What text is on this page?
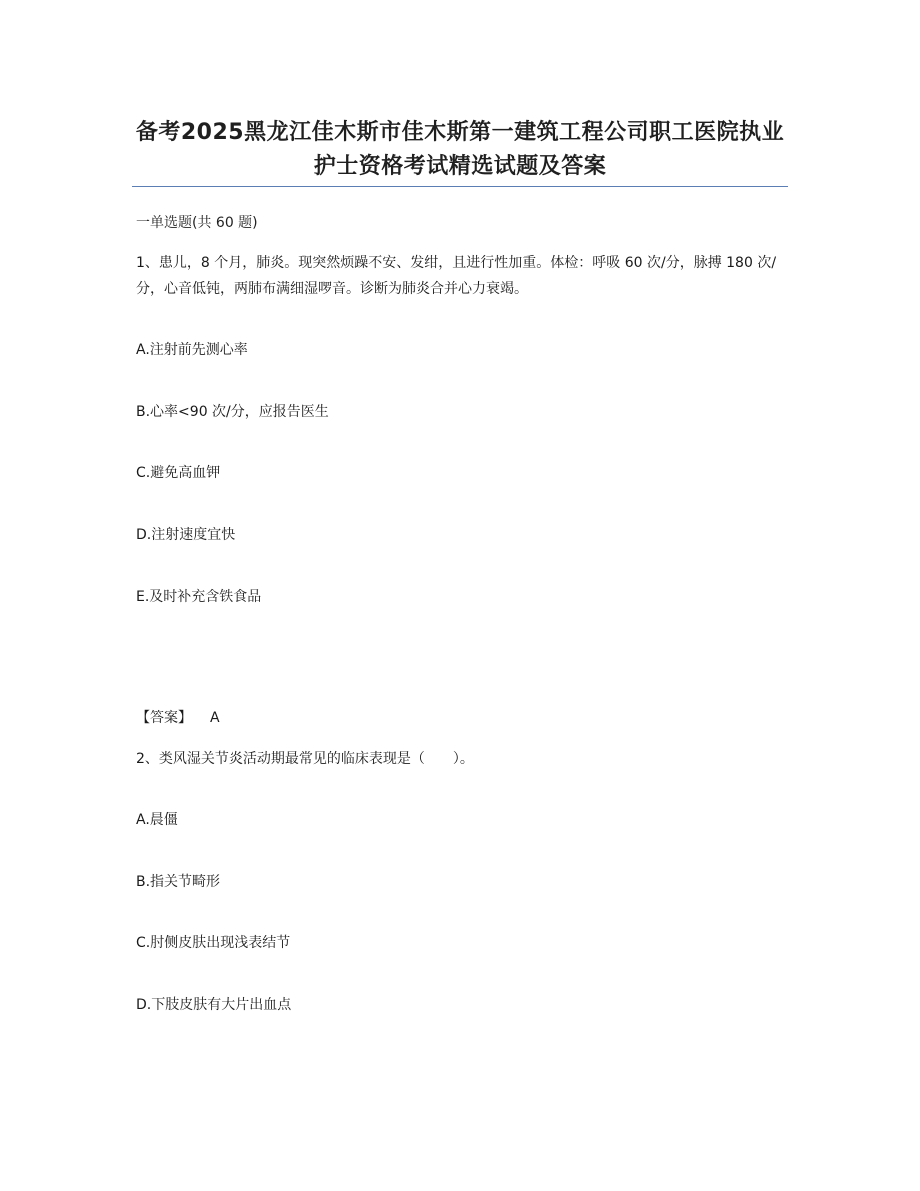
备考2025黑龙江佳木斯市佳木斯第一建筑工程公司职工医院执业护士资格考试精选试题及答案
一单选题(共 60 题)
1、患儿，8 个月，肺炎。现突然烦躁不安、发绀，且进行性加重。体检：呼吸 60 次/分，脉搏 180 次/分，心音低钝，两肺布满细湿啰音。诊断为肺炎合并心力衰竭。
A.注射前先测心率
B.心率<90 次/分，应报告医生
C.避免高血钾
D.注射速度宜快
E.及时补充含铁食品
【答案】 A
2、类风湿关节炎活动期最常见的临床表现是（　　）。
A.晨僵
B.指关节畸形
C.肘侧皮肤出现浅表结节
D.下肢皮肤有大片出血点
